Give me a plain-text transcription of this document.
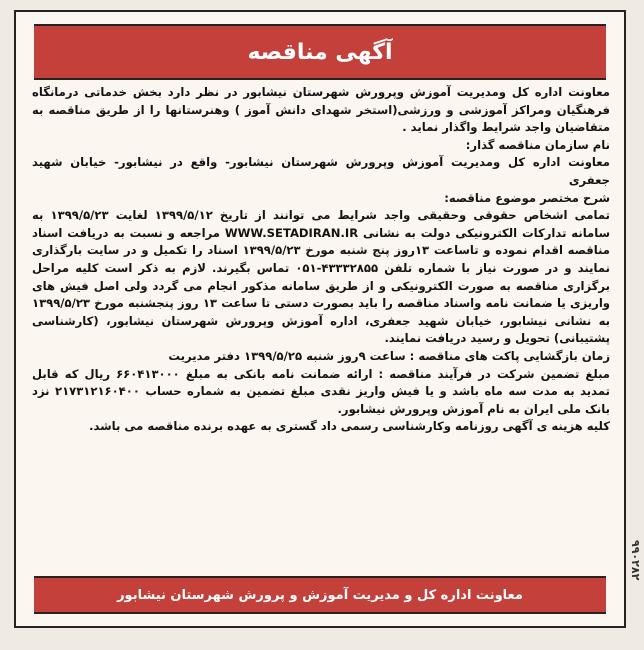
آگهی مناقصه

معاونت اداره کل ومدیریت آموزش وپرورش شهرستان نیشابور در نظر دارد بخش خدماتی درمانگاه فرهنگیان ومراکز آموزشی و ورزشی(استخر شهدای دانش آموز ) وهنرستانها را از طریق مناقصه به متقاضیان واجد شرایط واگذار نماید .

نام سازمان مناقصه گذار:

معاونت اداره کل ومدیریت آموزش وپرورش شهرستان نیشابور- واقع در نیشابور- خیابان شهید جعفری

شرح مختصر موضوع مناقصه:

تمامی اشخاص حقوقی وحقیقی واجد شرایط می توانند از تاریخ ۱۳۹۹/۵/۱۲ لغایت ۱۳۹۹/۵/۲۳ به سامانه تدارکات الکترونیکی دولت به نشانی WWW.SETADIRAN.IR مراجعه و نسبت به دریافت اسناد مناقصه اقدام نموده و تاساعت ۱۳روز پنج شنبه مورخ ۱۳۹۹/۵/۲۳ اسناد را تکمیل و در سایت بارگذاری نمایند و در صورت نیاز با شماره تلفن ۴۳۳۳۲۸۵۵-۰۵۱ تماس بگیرند. لازم به ذکر است کلیه مراحل برگزاری مناقصه به صورت الکترونیکی و از طریق سامانه مذکور انجام می گردد ولی اصل فیش های واریزی یا ضمانت نامه واسناد مناقصه را باید بصورت دستی تا ساعت ۱۳ روز پنجشنبه مورخ ۱۳۹۹/۵/۲۳ به نشانی نیشابور، خیابان شهید جعفری، اداره آموزش وپرورش شهرستان نیشابور، (کارشناسی پشتیبانی) تحویل و رسید دریافت نمایند.

زمان بازگشایی پاکت های مناقصه : ساعت ۹روز شنبه ۱۳۹۹/۵/۲۵ دفتر مدیریت

مبلغ تضمین شرکت در فرآیند مناقصه : ارائه ضمانت نامه بانکی به مبلغ ۶۶۰۴۱۳۰۰۰ ریال که قابل تمدید به مدت سه ماه باشد و یا فیش واریز نقدی مبلغ تضمین به شماره حساب ۲۱۷۳۱۲۱۶۰۴۰۰ نزد بانک ملی ایران به نام آموزش وپرورش نیشابور.

کلیه هزینه ی آگهی روزنامه وکارشناسی رسمی داد گستری به عهده برنده مناقصه می باشد.

معاونت اداره کل و مدیریت آموزش و پرورش شهرستان نیشابور
۹۹۰۲۸۲
